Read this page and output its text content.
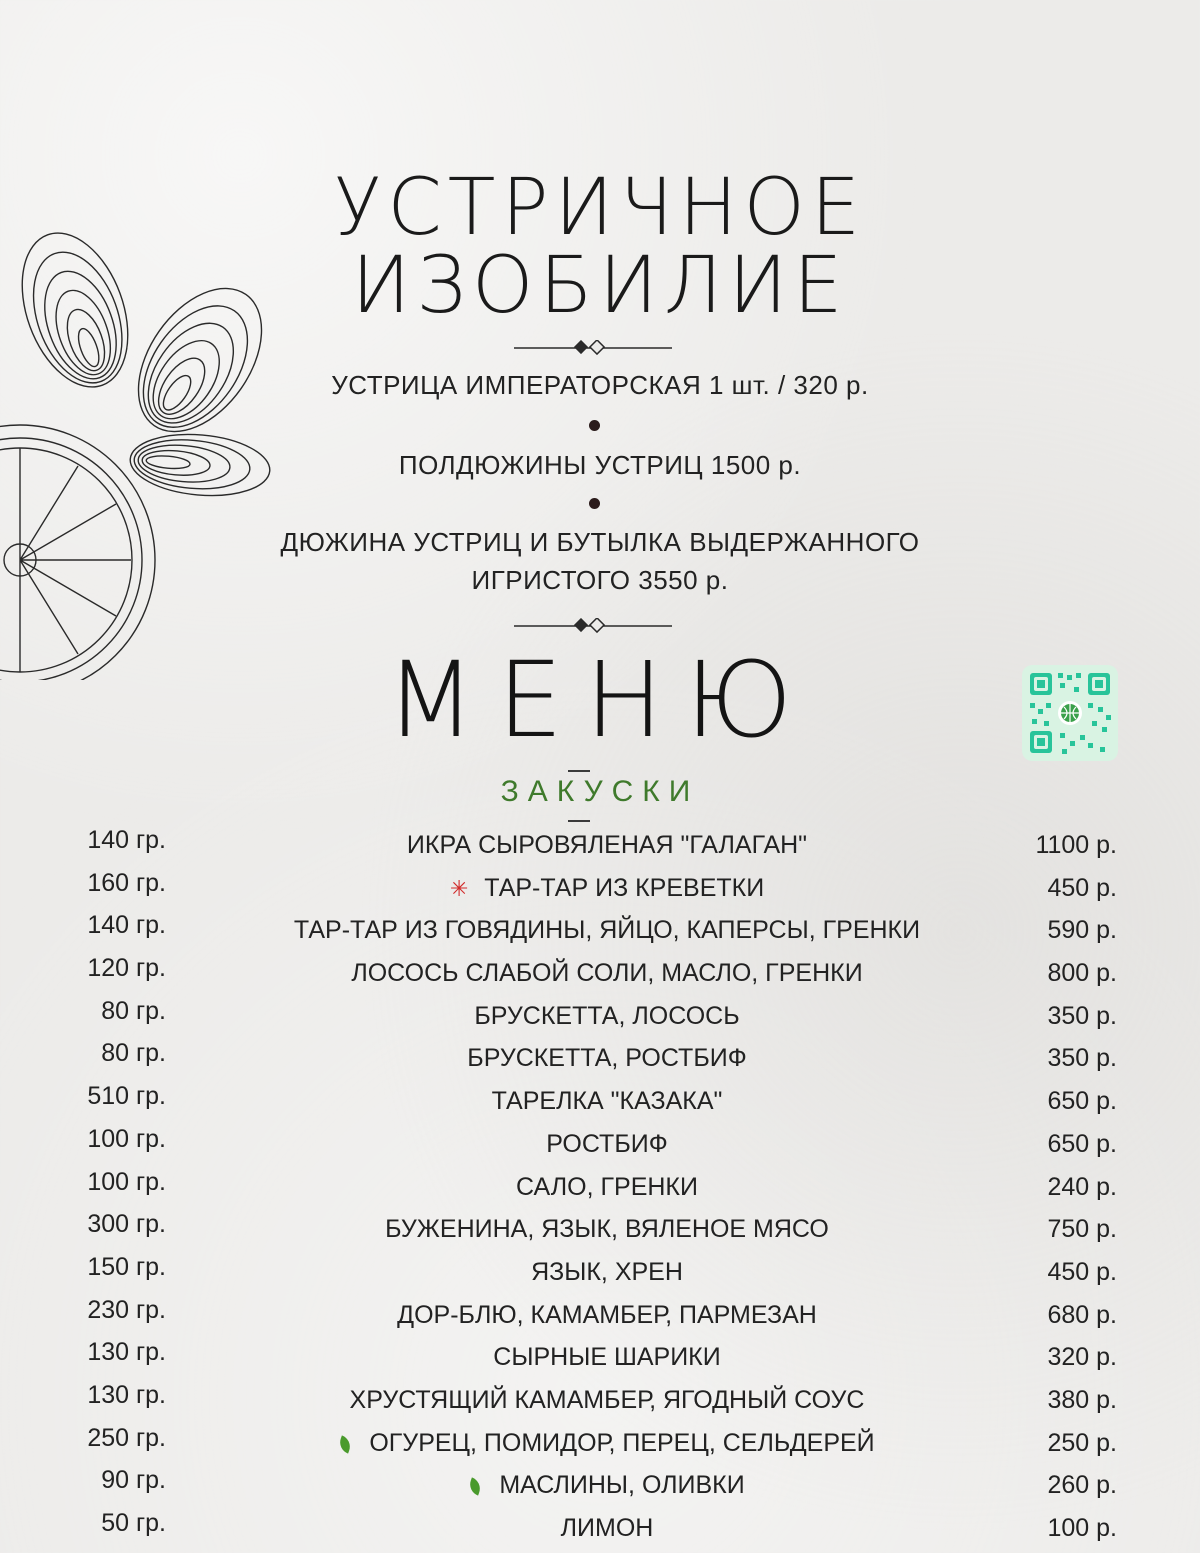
УСТРИЧНОЕ
ИЗОБИЛИЕ
УСТРИЦА ИМПЕРАТОРСКАЯ 1 шт. / 320 р.
ПОЛДЮЖИНЫ УСТРИЦ 1500 р.
ДЮЖИНА УСТРИЦ И БУТЫЛКА ВЫДЕРЖАННОГО
ИГРИСТОГО 3550 р.
МЕНЮ
ЗАКУСКИ
140 гр.	ИКРА СЫРОВЯЛЕНАЯ "ГАЛАГАН"	1100 р.
160 гр.	✳ ТАР-ТАР ИЗ КРЕВЕТКИ	450 р.
140 гр.	ТАР-ТАР ИЗ ГОВЯДИНЫ, ЯЙЦО, КАПЕРСЫ, ГРЕНКИ	590 р.
120 гр.	ЛОСОСЬ СЛАБОЙ СОЛИ, МАСЛО, ГРЕНКИ	800 р.
80 гр.	БРУСКЕТТА, ЛОСОСЬ	350 р.
80 гр.	БРУСКЕТТА, РОСТБИФ	350 р.
510 гр.	ТАРЕЛКА "КАЗАКА"	650 р.
100 гр.	РОСТБИФ	650 р.
100 гр.	САЛО, ГРЕНКИ	240 р.
300 гр.	БУЖЕНИНА, ЯЗЫК, ВЯЛЕНОЕ МЯСО	750 р.
150 гр.	ЯЗЫК, ХРЕН	450 р.
230 гр.	ДОР-БЛЮ, КАМАМБЕР, ПАРМЕЗАН	680 р.
130 гр.	СЫРНЫЕ ШАРИКИ	320 р.
130 гр.	ХРУСТЯЩИЙ КАМАМБЕР, ЯГОДНЫЙ СОУС	380 р.
250 гр.	ОГУРЕЦ, ПОМИДОР, ПЕРЕЦ, СЕЛЬДЕРЕЙ	250 р.
90 гр.	МАСЛИНЫ, ОЛИВКИ	260 р.
50 гр.	ЛИМОН	100 р.
